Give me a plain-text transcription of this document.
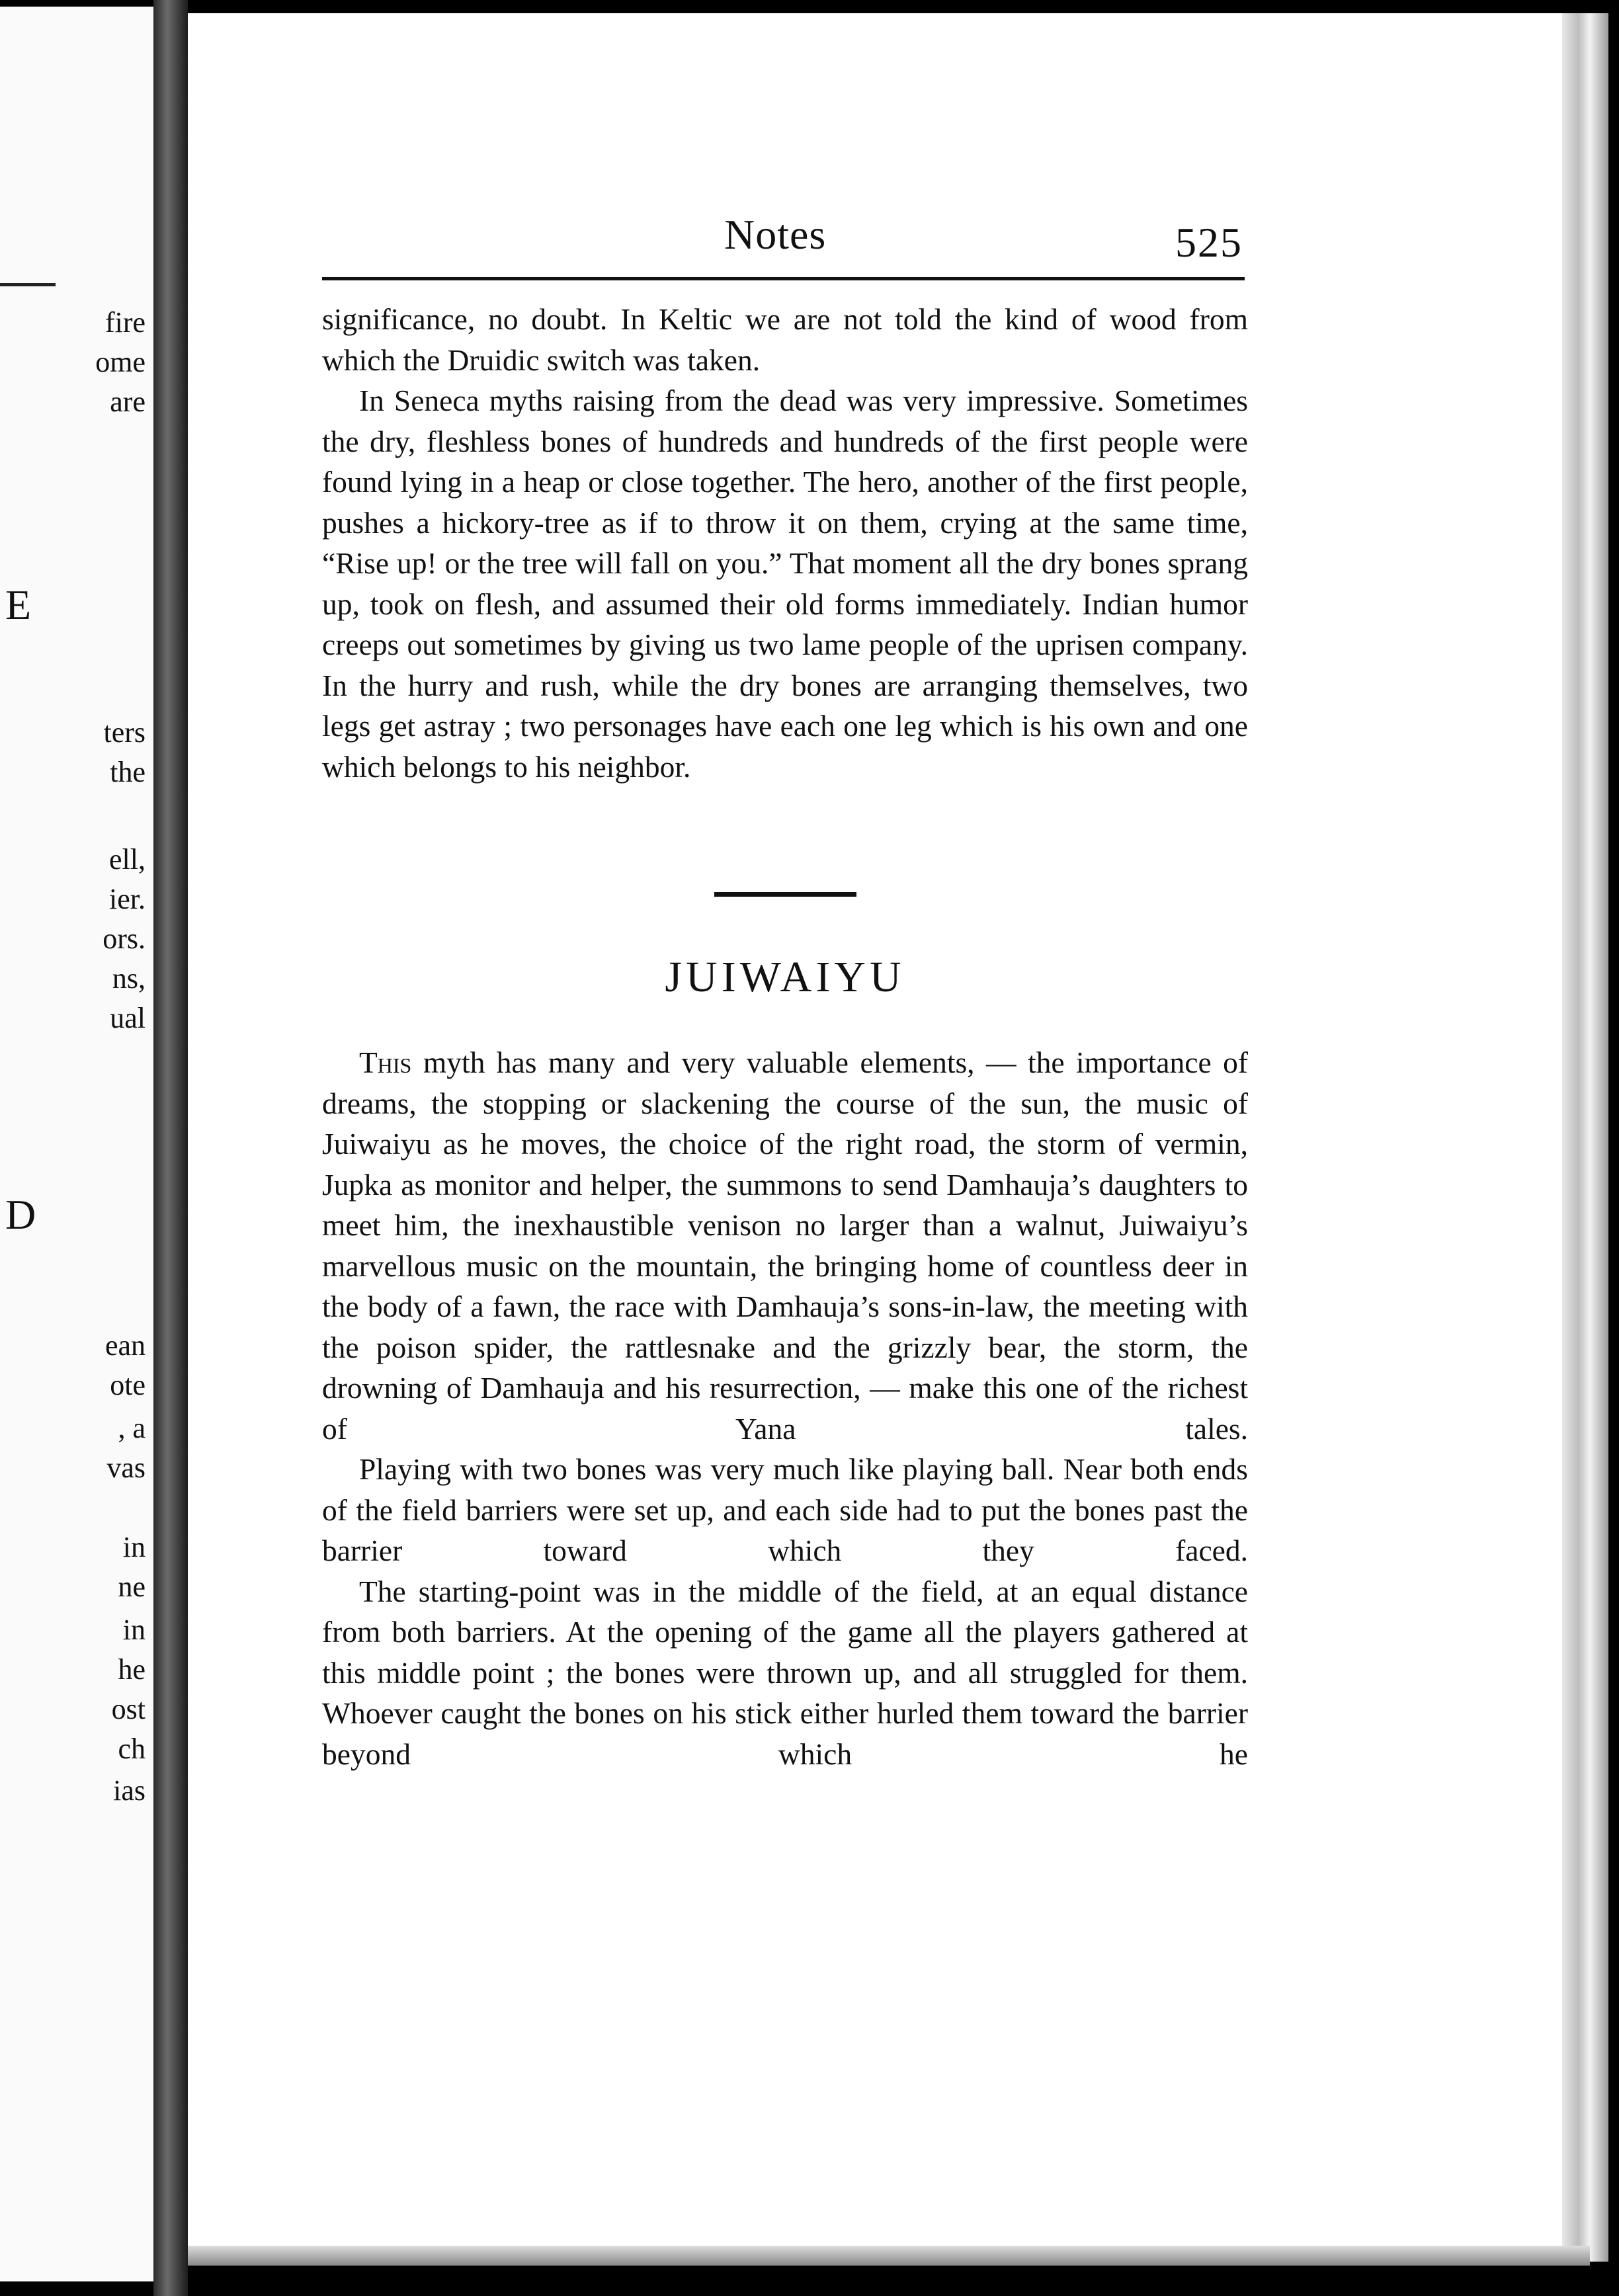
fire
ome
are
E
ters
the
ell,
ier.
ors.
ns,
ual
D
ean
ote
, a
vas
in
ne
in
he
ost
ch
ias
Notes	525

significance, no doubt. In Keltic we are not told the kind of wood from which the Druidic switch was taken.

In Seneca myths raising from the dead was very impressive. Sometimes the dry, fleshless bones of hundreds and hundreds of the first people were found lying in a heap or close together. The hero, another of the first people, pushes a hickory-tree as if to throw it on them, crying at the same time, “Rise up! or the tree will fall on you.” That moment all the dry bones sprang up, took on flesh, and assumed their old forms immediately. Indian humor creeps out sometimes by giving us two lame people of the uprisen company. In the hurry and rush, while the dry bones are arranging themselves, two legs get astray ; two personages have each one leg which is his own and one which belongs to his neighbor.

JUIWAIYU

This myth has many and very valuable elements, — the importance of dreams, the stopping or slackening the course of the sun, the music of Juiwaiyu as he moves, the choice of the right road, the storm of vermin, Jupka as monitor and helper, the summons to send Damhauja’s daughters to meet him, the inexhaustible venison no larger than a walnut, Juiwaiyu’s marvellous music on the mountain, the bringing home of countless deer in the body of a fawn, the race with Damhauja’s sons-in-law, the meeting with the poison spider, the rattlesnake and the grizzly bear, the storm, the drowning of Damhauja and his resurrection, — make this one of the richest of Yana tales.

Playing with two bones was very much like playing ball. Near both ends of the field barriers were set up, and each side had to put the bones past the barrier toward which they faced.

The starting-point was in the middle of the field, at an equal distance from both barriers. At the opening of the game all the players gathered at this middle point ; the bones were thrown up, and all struggled for them. Whoever caught the bones on his stick either hurled them toward the barrier beyond which he
